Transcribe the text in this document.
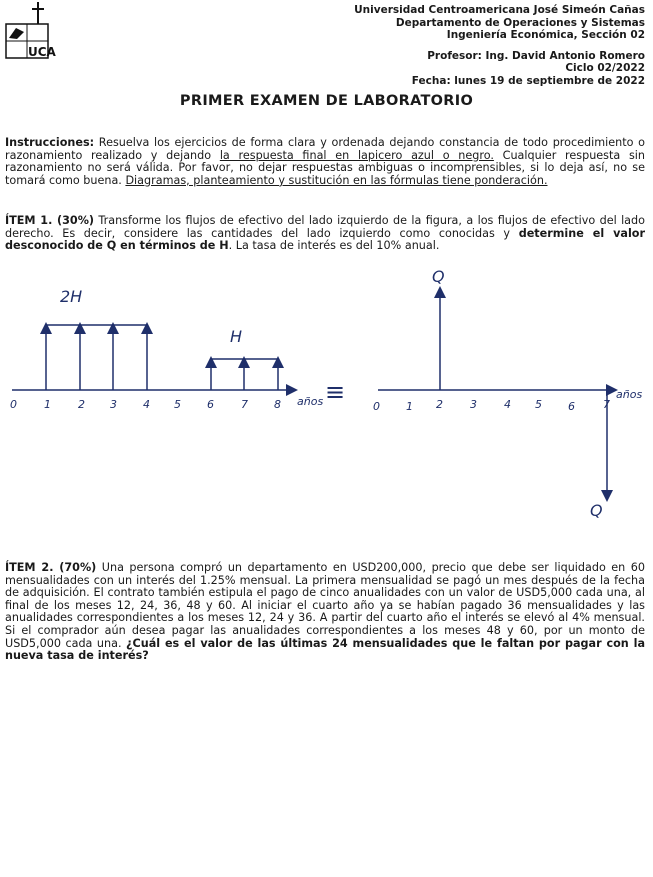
UCA
Universidad Centroamericana José Simeón Cañas
Departamento de Operaciones y Sistemas
Ingeniería Económica, Sección 02
Profesor: Ing. David Antonio Romero
Ciclo 02/2022
Fecha: lunes 19 de septiembre de 2022
PRIMER EXAMEN DE LABORATORIO
Instrucciones: Resuelva los ejercicios de forma clara y ordenada dejando constancia de todo procedimiento o razonamiento realizado y dejando la respuesta final en lapicero azul o negro. Cualquier respuesta sin razonamiento no será válida. Por favor, no dejar respuestas ambiguas o incomprensibles, si lo deja así, no se tomará como buena. Diagramas, planteamiento y sustitución en las fórmulas tiene ponderación.
ÍTEM 1. (30%) Transforme los flujos de efectivo del lado izquierdo de la figura, a los flujos de efectivo del lado derecho. Es decir, considere las cantidades del lado izquierdo como conocidas y determine el valor desconocido de Q en términos de H. La tasa de interés es del 10% anual.
2H
H
0 1 2 3 4 5 6 7 8 años ≡
Q
Q
0 1 2 3 4 5 6	7
años
ÍTEM 2. (70%) Una persona compró un departamento en USD200,000, precio que debe ser liquidado en 60 mensualidades con un interés del 1.25% mensual. La primera mensualidad se pagó un mes después de la fecha de adquisición. El contrato también estipula el pago de cinco anualidades con un valor de USD5,000 cada una, al final de los meses 12, 24, 36, 48 y 60. Al iniciar el cuarto año ya se habían pagado 36 mensualidades y las anualidades correspondientes a los meses 12, 24 y 36. A partir del cuarto año el interés se elevó al 4% mensual. Si el comprador aún desea pagar las anualidades correspondientes a los meses 48 y 60, por un monto de USD5,000 cada una. ¿Cuál es el valor de las últimas 24 mensualidades que le faltan por pagar con la nueva tasa de interés?
